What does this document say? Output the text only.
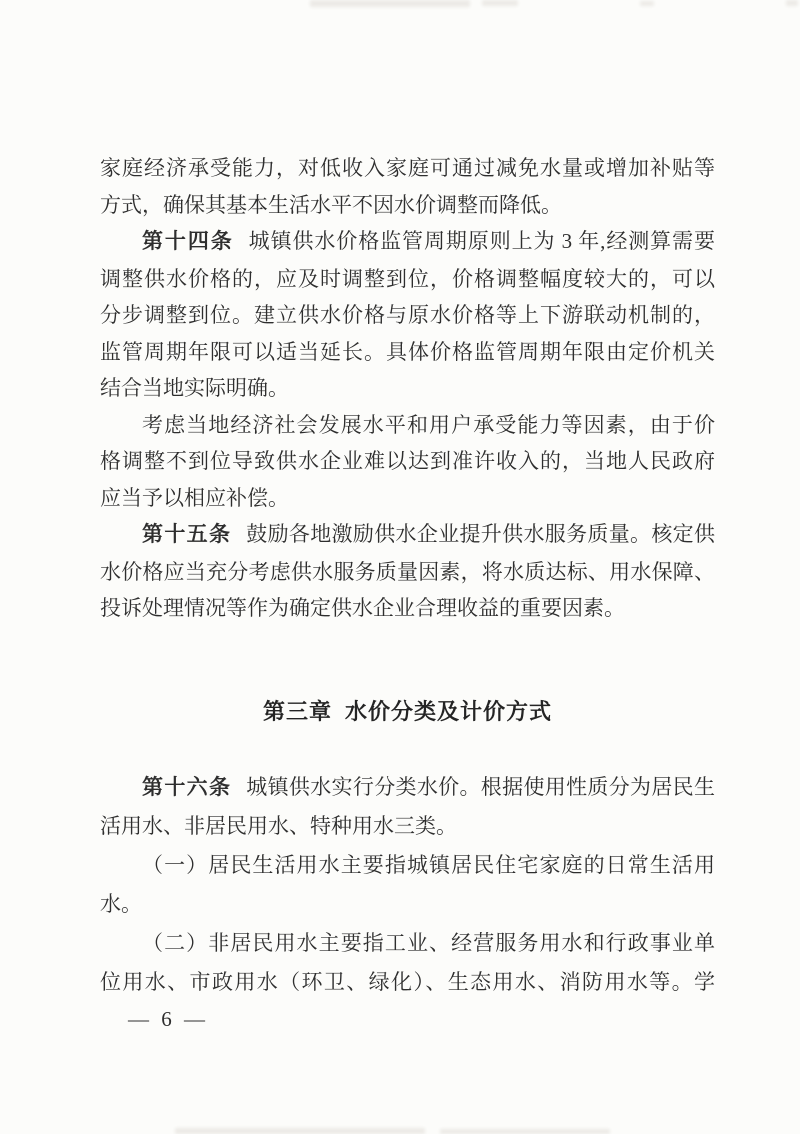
家庭经济承受能力，对低收入家庭可通过减免水量或增加补贴等
方式，确保其基本生活水平不因水价调整而降低。
第十四条 城镇供水价格监管周期原则上为 3 年,经测算需要
调整供水价格的，应及时调整到位，价格调整幅度较大的，可以
分步调整到位。建立供水价格与原水价格等上下游联动机制的，
监管周期年限可以适当延长。具体价格监管周期年限由定价机关
结合当地实际明确。
考虑当地经济社会发展水平和用户承受能力等因素，由于价
格调整不到位导致供水企业难以达到准许收入的，当地人民政府
应当予以相应补偿。
第十五条 鼓励各地激励供水企业提升供水服务质量。核定供
水价格应当充分考虑供水服务质量因素，将水质达标、用水保障、
投诉处理情况等作为确定供水企业合理收益的重要因素。
第三章 水价分类及计价方式
第十六条 城镇供水实行分类水价。根据使用性质分为居民生
活用水、非居民用水、特种用水三类。
（一）居民生活用水主要指城镇居民住宅家庭的日常生活用
水。
（二）非居民用水主要指工业、经营服务用水和行政事业单
位用水、市政用水（环卫、绿化）、生态用水、消防用水等。学
— 6 —
